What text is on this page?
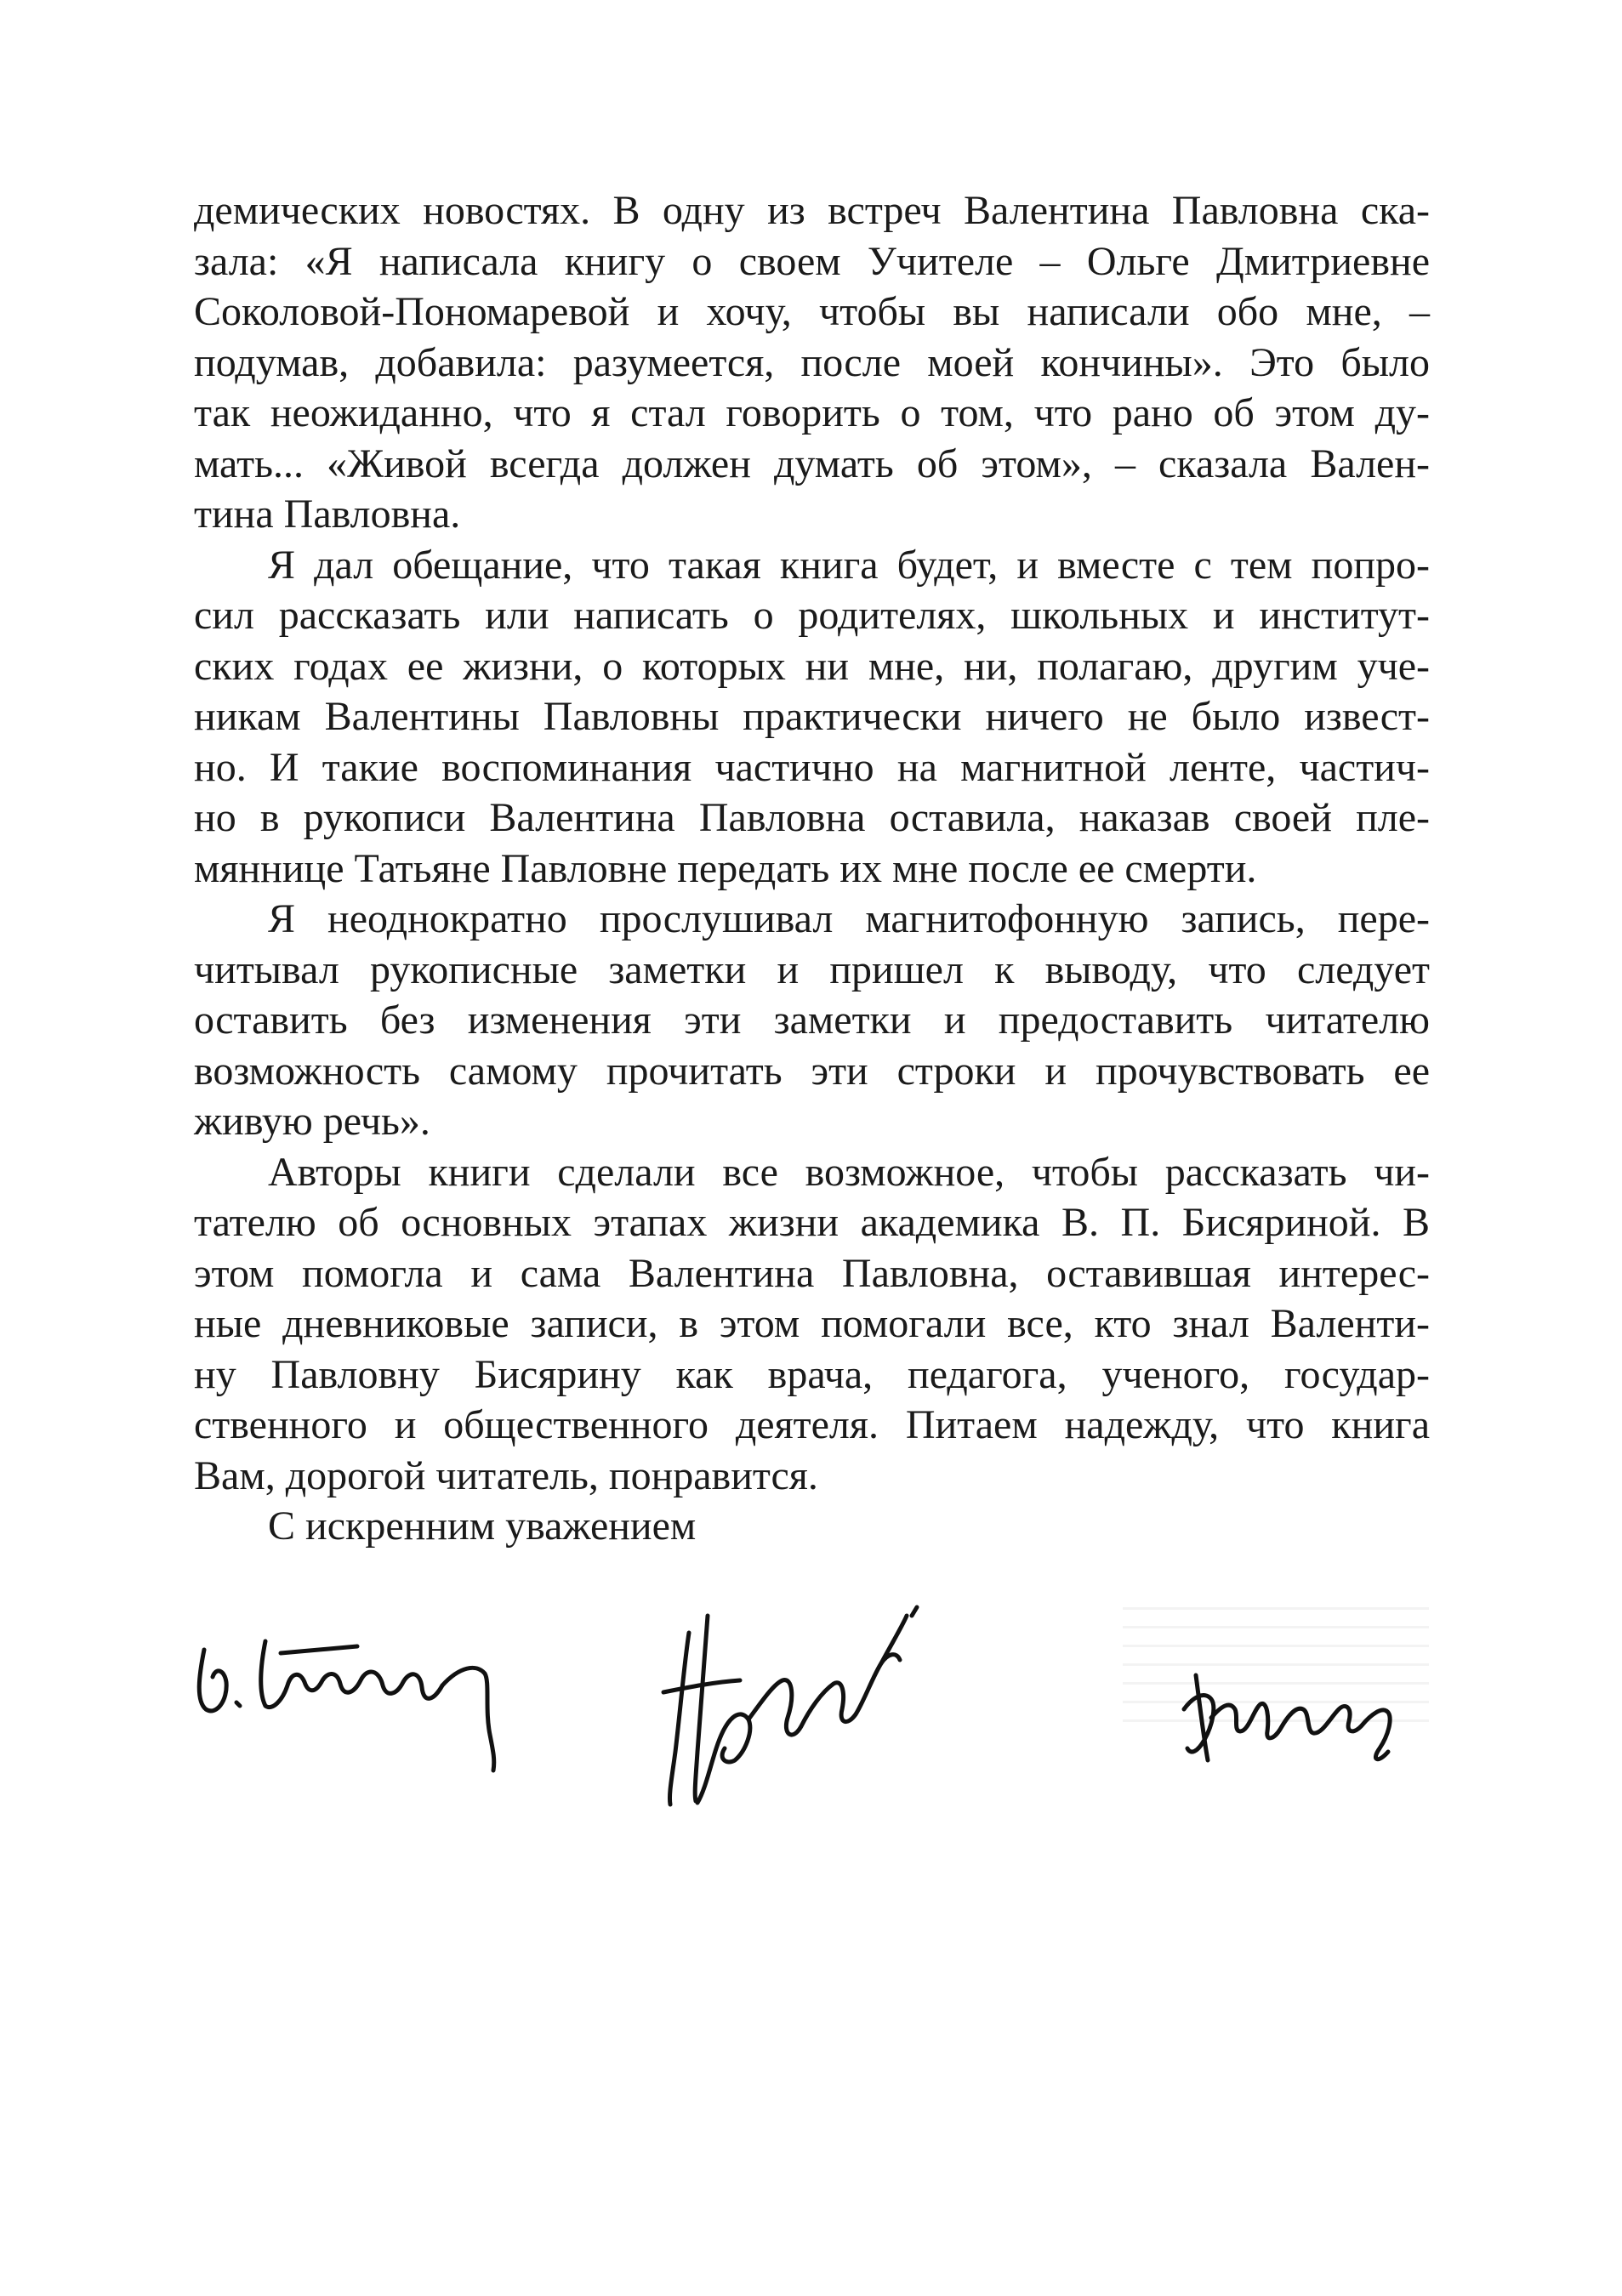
демических новостях. В одну из встреч Валентина Павловна ска-
зала: «Я написала книгу о своем Учителе – Ольге Дмитриевне
Соколовой-Пономаревой и хочу, чтобы вы написали обо мне, –
подумав, добавила: разумеется, после моей кончины». Это было
так неожиданно, что я стал говорить о том, что рано об этом ду-
мать... «Живой всегда должен думать об этом», – сказала Вален-
тина Павловна.
Я дал обещание, что такая книга будет, и вместе с тем попро-
сил рассказать или написать о родителях, школьных и институт-
ских годах ее жизни, о которых ни мне, ни, полагаю, другим уче-
никам Валентины Павловны практически ничего не было извест-
но. И такие воспоминания частично на магнитной ленте, частич-
но в рукописи Валентина Павловна оставила, наказав своей пле-
мяннице Татьяне Павловне передать их мне после ее смерти.
Я неоднократно прослушивал магнитофонную запись, пере-
читывал рукописные заметки и пришел к выводу, что следует
оставить без изменения эти заметки и предоставить читателю
возможность самому прочитать эти строки и прочувствовать ее
живую речь».
Авторы книги сделали все возможное, чтобы рассказать чи-
тателю об основных этапах жизни академика В. П. Бисяриной. В
этом помогла и сама Валентина Павловна, оставившая интерес-
ные дневниковые записи, в этом помогали все, кто знал Валенти-
ну Павловну Бисярину как врача, педагога, ученого, государ-
ственного и общественного деятеля. Питаем надежду, что книга
Вам, дорогой читатель, понравится.
С искренним уважением
